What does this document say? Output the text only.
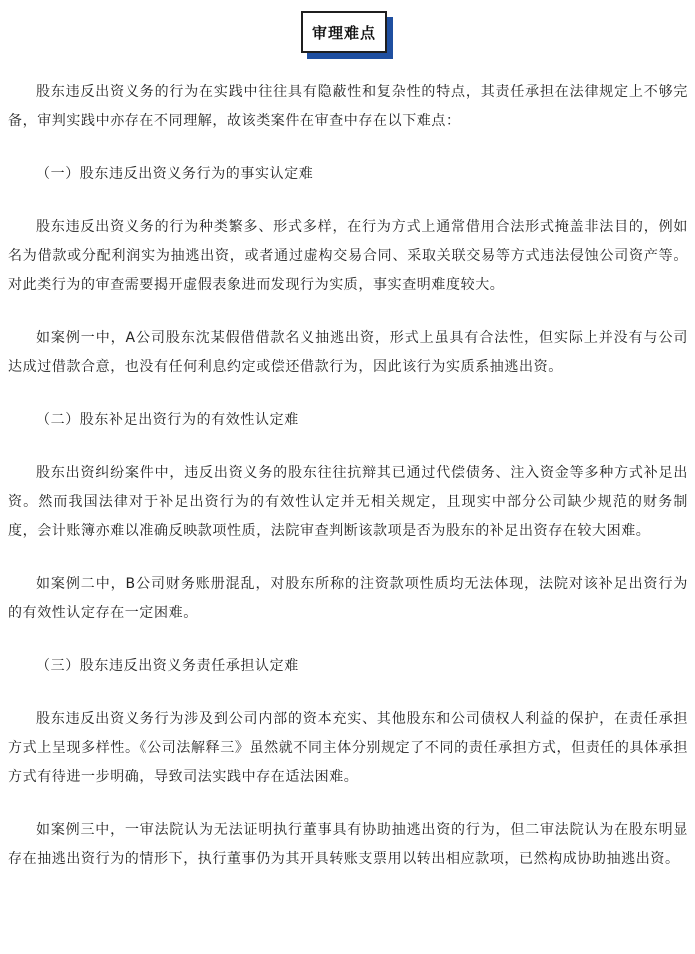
审理难点

股东违反出资义务的行为在实践中往往具有隐蔽性和复杂性的特点，其责任承担在法律规定上不够完备，审判实践中亦存在不同理解，故该类案件在审查中存在以下难点：

（一）股东违反出资义务行为的事实认定难

股东违反出资义务的行为种类繁多、形式多样，在行为方式上通常借用合法形式掩盖非法目的，例如名为借款或分配利润实为抽逃出资，或者通过虚构交易合同、采取关联交易等方式违法侵蚀公司资产等。对此类行为的审查需要揭开虚假表象进而发现行为实质，事实查明难度较大。

如案例一中，A公司股东沈某假借借款名义抽逃出资，形式上虽具有合法性，但实际上并没有与公司达成过借款合意，也没有任何利息约定或偿还借款行为，因此该行为实质系抽逃出资。

（二）股东补足出资行为的有效性认定难

股东出资纠纷案件中，违反出资义务的股东往往抗辩其已通过代偿债务、注入资金等多种方式补足出资。然而我国法律对于补足出资行为的有效性认定并无相关规定，且现实中部分公司缺少规范的财务制度，会计账簿亦难以准确反映款项性质，法院审查判断该款项是否为股东的补足出资存在较大困难。

如案例二中，B公司财务账册混乱，对股东所称的注资款项性质均无法体现，法院对该补足出资行为的有效性认定存在一定困难。

（三）股东违反出资义务责任承担认定难

股东违反出资义务行为涉及到公司内部的资本充实、其他股东和公司债权人利益的保护，在责任承担方式上呈现多样性。《公司法解释三》虽然就不同主体分别规定了不同的责任承担方式，但责任的具体承担方式有待进一步明确，导致司法实践中存在适法困难。

如案例三中，一审法院认为无法证明执行董事具有协助抽逃出资的行为，但二审法院认为在股东明显存在抽逃出资行为的情形下，执行董事仍为其开具转账支票用以转出相应款项，已然构成协助抽逃出资。
